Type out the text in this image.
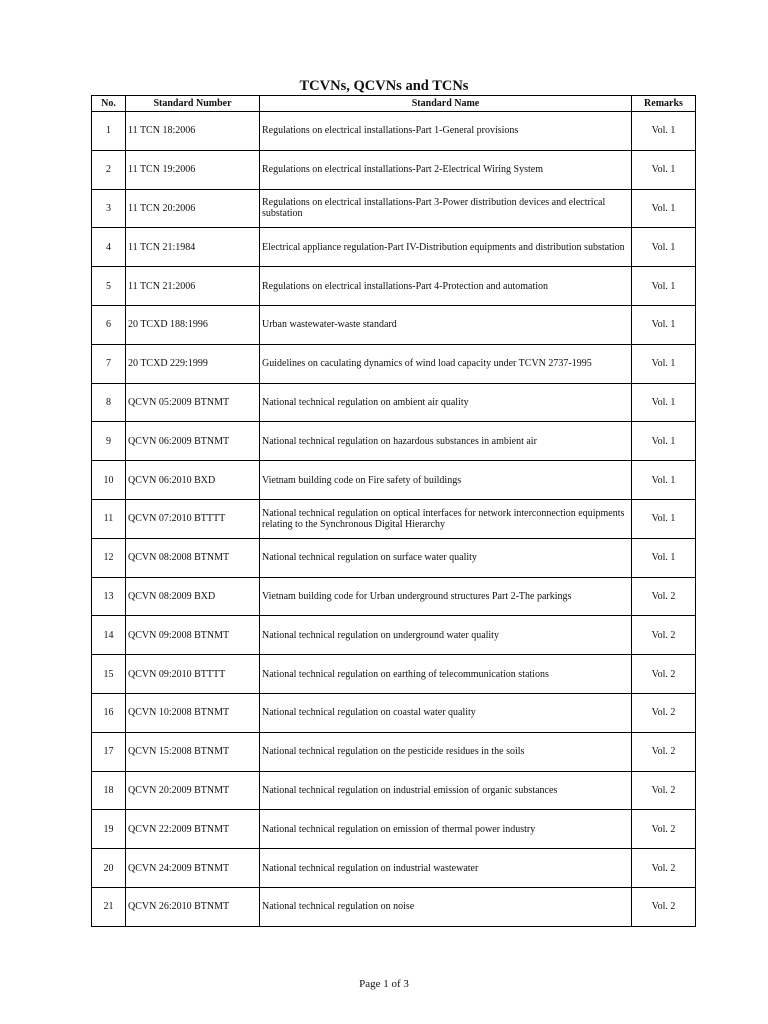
TCVNs, QCVNs and TCNs
No.	Standard Number	Standard Name	Remarks
1	11 TCN 18:2006	Regulations on electrical installations-Part 1-General provisions	Vol. 1
2	11 TCN 19:2006	Regulations on electrical installations-Part 2-Electrical Wiring System	Vol. 1
3	11 TCN 20:2006	Regulations on electrical installations-Part 3-Power distribution devices and electrical substation	Vol. 1
4	11 TCN 21:1984	Electrical appliance regulation-Part IV-Distribution equipments and distribution substation	Vol. 1
5	11 TCN 21:2006	Regulations on electrical installations-Part 4-Protection and automation	Vol. 1
6	20 TCXD 188:1996	Urban wastewater-waste standard	Vol. 1
7	20 TCXD 229:1999	Guidelines on caculating dynamics of wind load capacity under TCVN 2737-1995	Vol. 1
8	QCVN 05:2009 BTNMT	National technical regulation on ambient air quality	Vol. 1
9	QCVN 06:2009 BTNMT	National technical regulation on hazardous substances in ambient air	Vol. 1
10	QCVN 06:2010 BXD	Vietnam building code on Fire safety of buildings	Vol. 1
11	QCVN 07:2010 BTTTT	National technical regulation on optical interfaces for network interconnection equipments relating to the Synchronous Digital Hierarchy	Vol. 1
12	QCVN 08:2008 BTNMT	National technical regulation on surface water quality	Vol. 1
13	QCVN 08:2009 BXD	Vietnam building code for Urban underground structures Part 2-The parkings	Vol. 2
14	QCVN 09:2008 BTNMT	National technical regulation on underground water quality	Vol. 2
15	QCVN 09:2010 BTTTT	National technical regulation on earthing of telecommunication stations	Vol. 2
16	QCVN 10:2008 BTNMT	National technical regulation on coastal water quality	Vol. 2
17	QCVN 15:2008 BTNMT	National technical regulation on the pesticide residues in the soils	Vol. 2
18	QCVN 20:2009 BTNMT	National technical regulation on industrial emission of organic substances	Vol. 2
19	QCVN 22:2009 BTNMT	National technical regulation on emission of thermal power industry	Vol. 2
20	QCVN 24:2009 BTNMT	National technical regulation on industrial wastewater	Vol. 2
21	QCVN 26:2010 BTNMT	National technical regulation on noise	Vol. 2
Page 1 of 3
